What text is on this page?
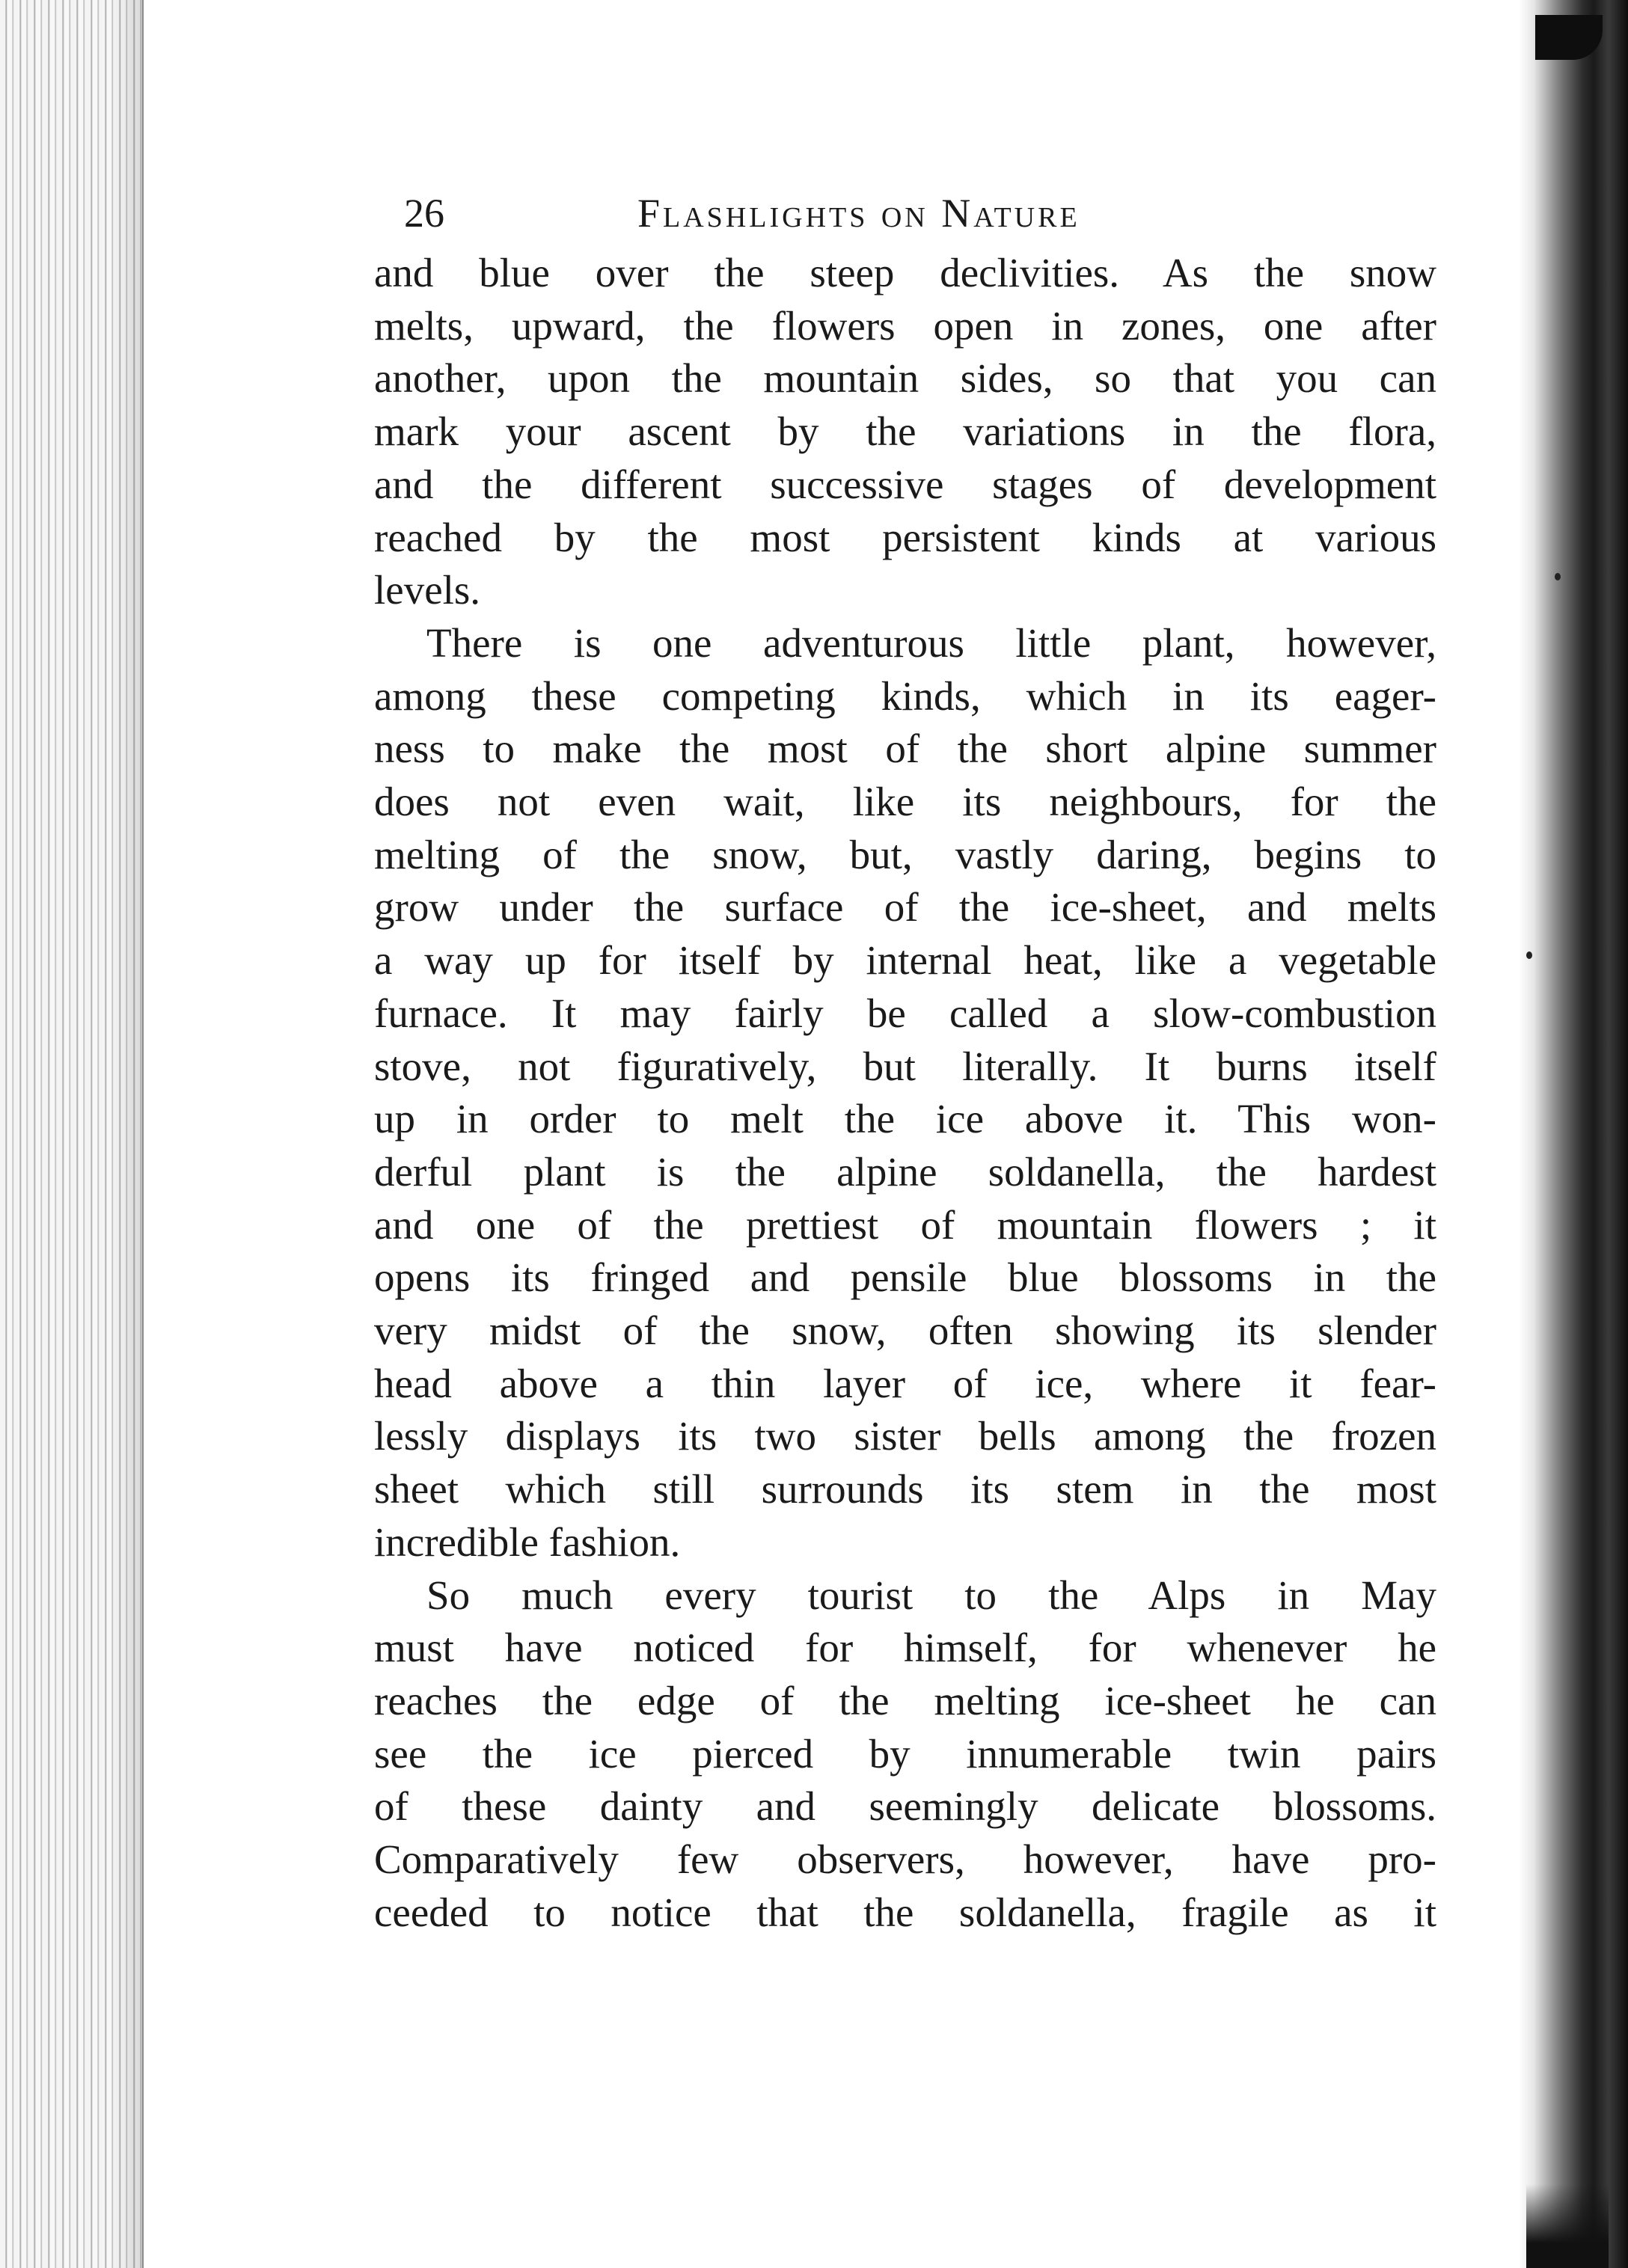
26	Flashlights on Nature
and blue over the steep declivities. As the snow
melts, upward, the flowers open in zones, one after
another, upon the mountain sides, so that you can
mark your ascent by the variations in the flora,
and the different successive stages of development
reached by the most persistent kinds at various
levels.
There is one adventurous little plant, however,
among these competing kinds, which in its eager-
ness to make the most of the short alpine summer
does not even wait, like its neighbours, for the
melting of the snow, but, vastly daring, begins to
grow under the surface of the ice-sheet, and melts
a way up for itself by internal heat, like a vegetable
furnace. It may fairly be called a slow-combustion
stove, not figuratively, but literally. It burns itself
up in order to melt the ice above it. This won-
derful plant is the alpine soldanella, the hardest
and one of the prettiest of mountain flowers ; it
opens its fringed and pensile blue blossoms in the
very midst of the snow, often showing its slender
head above a thin layer of ice, where it fear-
lessly displays its two sister bells among the frozen
sheet which still surrounds its stem in the most
incredible fashion.
So much every tourist to the Alps in May
must have noticed for himself, for whenever he
reaches the edge of the melting ice-sheet he can
see the ice pierced by innumerable twin pairs
of these dainty and seemingly delicate blossoms.
Comparatively few observers, however, have pro-
ceeded to notice that the soldanella, fragile as it
